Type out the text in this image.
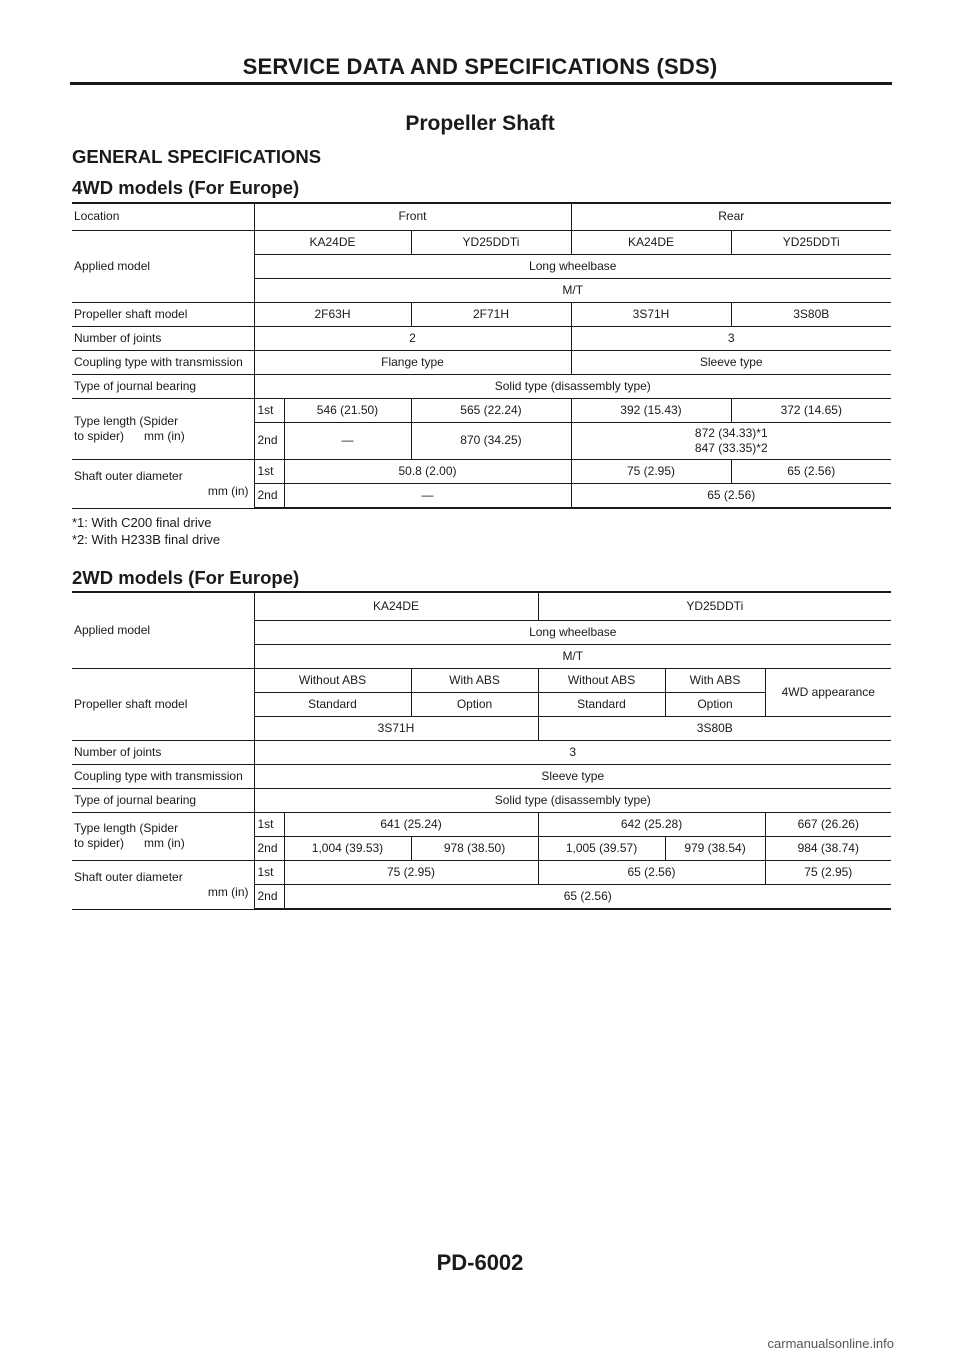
SERVICE DATA AND SPECIFICATIONS (SDS)
Propeller Shaft
GENERAL SPECIFICATIONS
4WD models (For Europe)
Location	Front			Rear	
Applied model	KA24DE		YD25DDTi	KA24DE	YD25DDTi
	Long wheelbase				
	M/T				
Propeller shaft model	2F63H		2F71H	3S71H	3S80B
Number of joints	2			3	
Coupling type with transmission	Flange type			Sleeve type	
Type of journal bearing	Solid type (disassembly type)				

Type length (Spider
to spider)      mm (in)	1st	546 (21.50)	565 (22.24)	392 (15.43)	372 (14.65)
	2nd	—	870 (34.25)	872 (34.33)*1
847 (33.35)*2	

Shaft outer diameter
mm (in)	1st	50.8 (2.00)		75 (2.95)	65 (2.56)
	2nd	—		65 (2.56)	
*1: With C200 final drive
*2: With H233B final drive
2WD models (For Europe)
Applied model	KA24DE			YD25DDTi		
	Long wheelbase					
	M/T					
Propeller shaft model	Without ABS		With ABS	Without ABS	With ABS	4WD appearance
	Standard		Option	Standard	Option	
	3S71H			3S80B		
Number of joints	3					
Coupling type with transmission	Sleeve type					
Type of journal bearing	Solid type (disassembly type)					

Type length (Spider
to spider)      mm (in)	1st	641 (25.24)		642 (25.28)		667 (26.26)
	2nd	1,004 (39.53)	978 (38.50)	1,005 (39.57)	979 (38.54)	984 (38.74)

Shaft outer diameter
mm (in)	1st	75 (2.95)		65 (2.56)		75 (2.95)
	2nd	65 (2.56)				
PD-6002
carmanualsonline.info
